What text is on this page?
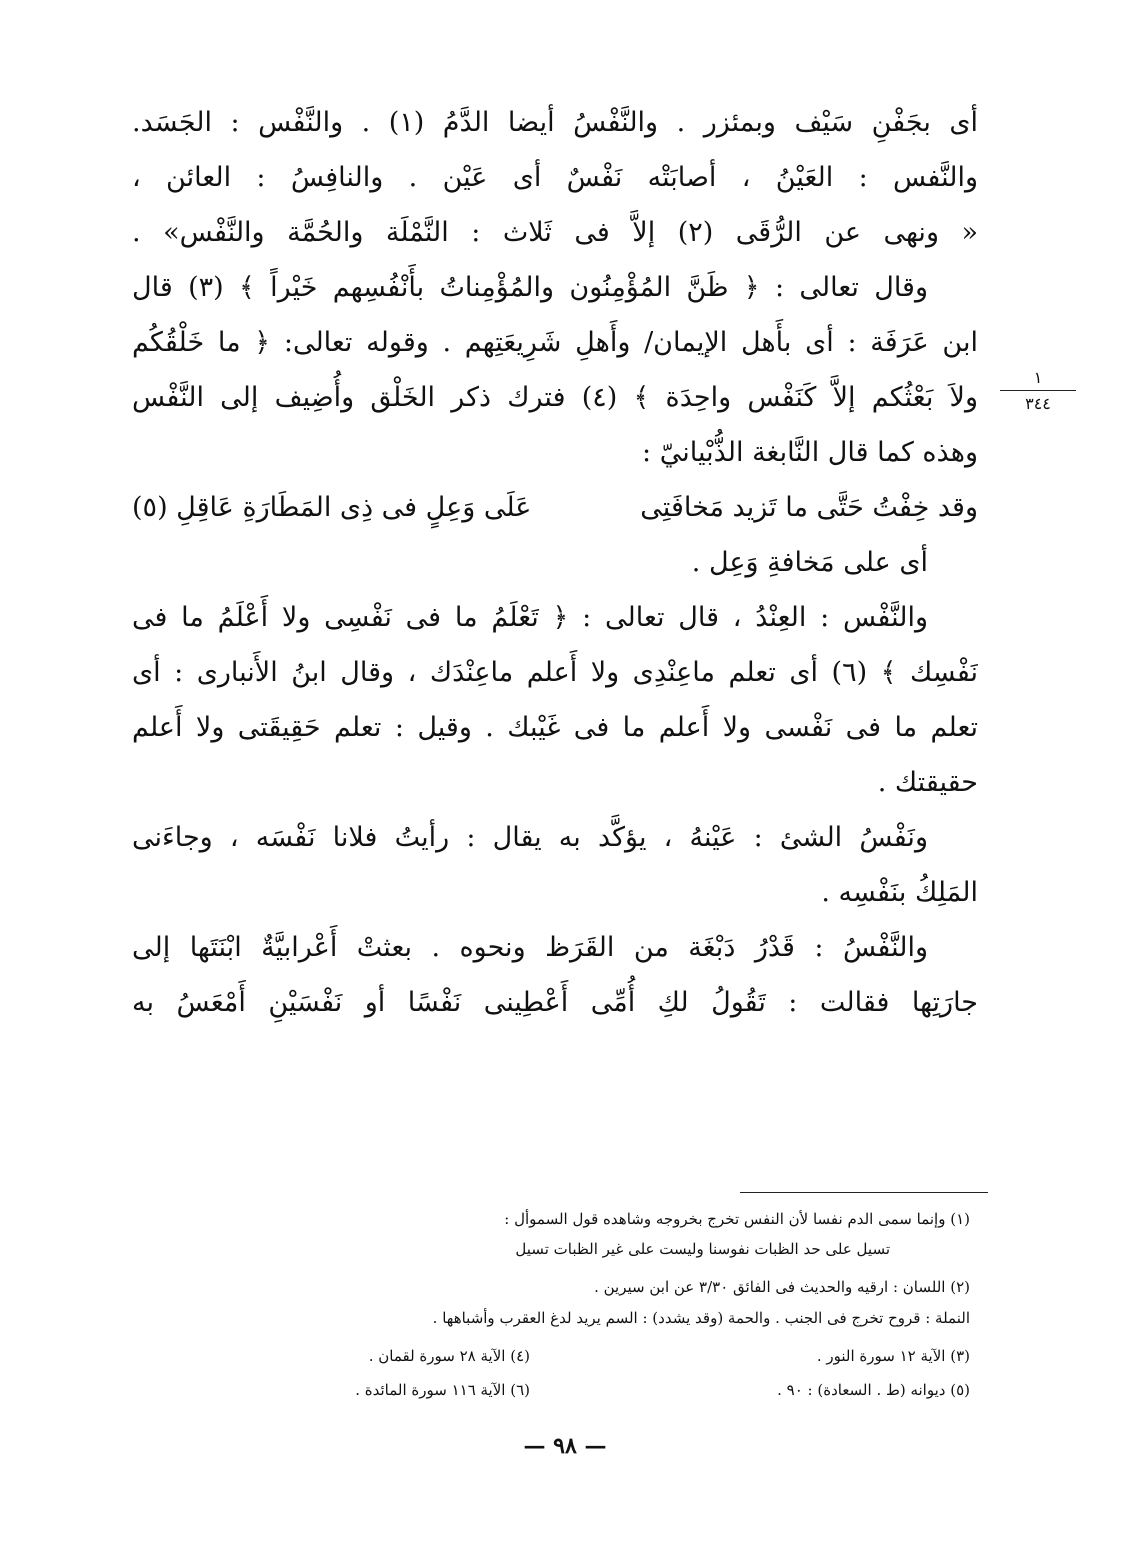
أى بجَفْنِ سَيْف وبمئزر . والنَّفْسُ أيضا الدَّمُ (١) . والنَّفْس : الجَسَد.
والنَّفس : العَيْنُ ، أصابَتْه نَفْسٌ أى عَيْن . والنافِسُ : العائن ،
« ونهى عن الرُّقَى (٢) إلاَّ فى ثَلاث : النَّمْلَة والحُمَّة والنَّفْس» .
وقال تعالى : ﴿ ظَنَّ المُؤْمِنُون والمُؤْمِناتُ بأَنْفُسِهم خَيْراً ﴾ (٣) قال
ابن عَرَفَة : أى بأَهل الإيمان/ وأَهلِ شَرِيعَتِهم . وقوله تعالى: ﴿ ما خَلْقُكُم
ولاَ بَعْثُكم إلاَّ كَنَفْس واحِدَة ﴾ (٤) فترك ذكر الخَلْق وأُضِيف إلى النَّفْس
وهذه كما قال النَّابغة الذُّبْيانيّ :
وقد خِفْتُ حَتَّى ما تَزيد مَخافَتِى
عَلَى وَعِلٍ فى ذِى المَطَارَةِ عَاقِلِ (٥)
أى على مَخافةِ وَعِل .
والنَّفْس : العِنْدُ ، قال تعالى : ﴿ تَعْلَمُ ما فى نَفْسِى ولا أَعْلَمُ ما فى
نَفْسِك ﴾ (٦) أى تعلم ماعِنْدِى ولا أَعلم ماعِنْدَك ، وقال ابنُ الأَنبارى : أى
تعلم ما فى نَفْسى ولا أَعلم ما فى غَيْبك . وقيل : تعلم حَقِيقَتى ولا أَعلم
حقيقتك .
ونَفْسُ الشئ : عَيْنهُ ، يؤكَّد به يقال : رأيتُ فلانا نَفْسَه ، وجاءَنى
المَلِكُ بنَفْسِه .
والنَّفْسُ : قَدْرُ دَبْغَة من القَرَظ ونحوه . بعثتْ أَعْرابيَّةٌ ابْنَتَها إلى
جارَتِها فقالت : تَقُولُ لكِ أُمِّى أَعْطِينى نَفْسًا أو نَفْسَيْنِ أَمْعَسُ به
١
٣٤٤
(١) وإنما سمى الدم نفسا لأن النفس تخرج بخروجه وشاهده قول السموأل :
تسيل على حد الظبات نفوسنا وليست على غير الظبات تسيل
(٢) اللسان : ارقيه والحديث فى الفائق ٣/٣٠ عن ابن سيرين .
النملة : قروح تخرج فى الجنب . والحمة (وقد يشدد) : السم يريد لدغ العقرب وأشباهها .
(٣) الآية ١٢ سورة النور .
(٤) الآية ٢٨ سورة لقمان .
(٥) ديوانه (ط . السعادة) : ٩٠ .
(٦) الآية ١١٦ سورة المائدة .
— ٩٨ —
